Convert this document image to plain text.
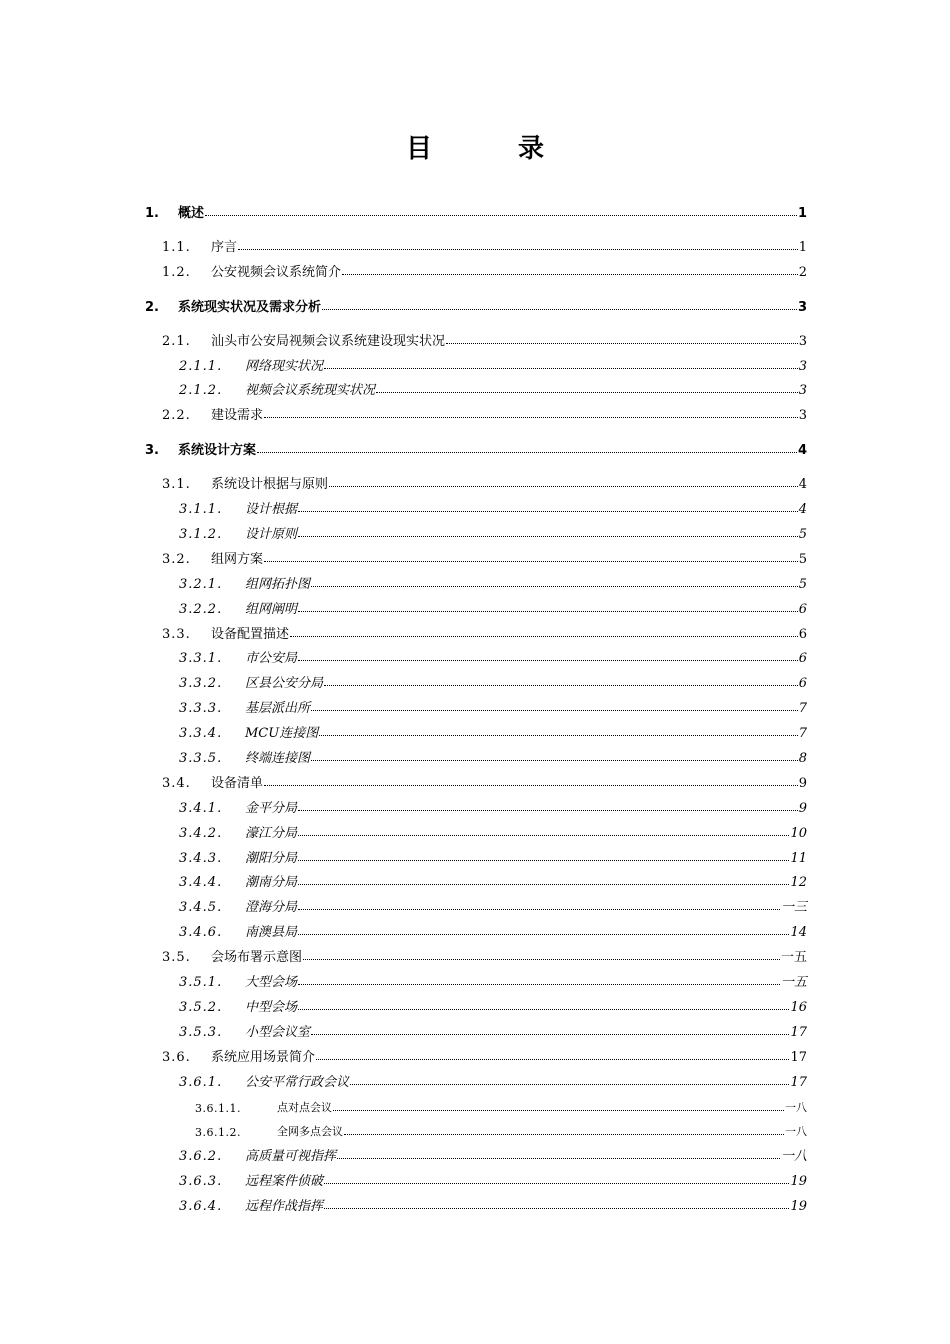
目　录
1.	概述	1
1.1.	序言	1
1.2.	公安视频会议系统简介	2
2.	系统现实状况及需求分析	3
2.1.	汕头市公安局视频会议系统建设现实状况	3
2.1.1.	网络现实状况	3
2.1.2.	视频会议系统现实状况	3
2.2.	建设需求	3
3.	系统设计方案	4
3.1.	系统设计根据与原则	4
3.1.1.	设计根据	4
3.1.2.	设计原则	5
3.2.	组网方案	5
3.2.1.	组网拓扑图	5
3.2.2.	组网阐明	6
3.3.	设备配置描述	6
3.3.1.	市公安局	6
3.3.2.	区县公安分局	6
3.3.3.	基层派出所	7
3.3.4.	MCU连接图	7
3.3.5.	终端连接图	8
3.4.	设备清单	9
3.4.1.	金平分局	9
3.4.2.	濠江分局	10
3.4.3.	潮阳分局	11
3.4.4.	潮南分局	12
3.4.5.	澄海分局	一三
3.4.6.	南澳县局	14
3.5.	会场布署示意图	一五
3.5.1.	大型会场	一五
3.5.2.	中型会场	16
3.5.3.	小型会议室	17
3.6.	系统应用场景简介	17
3.6.1.	公安平常行政会议	17
3.6.1.1.	点对点会议	一八
3.6.1.2.	全网多点会议	一八
3.6.2.	高质量可视指挥	一八
3.6.3.	远程案件侦破	19
3.6.4.	远程作战指挥	19
